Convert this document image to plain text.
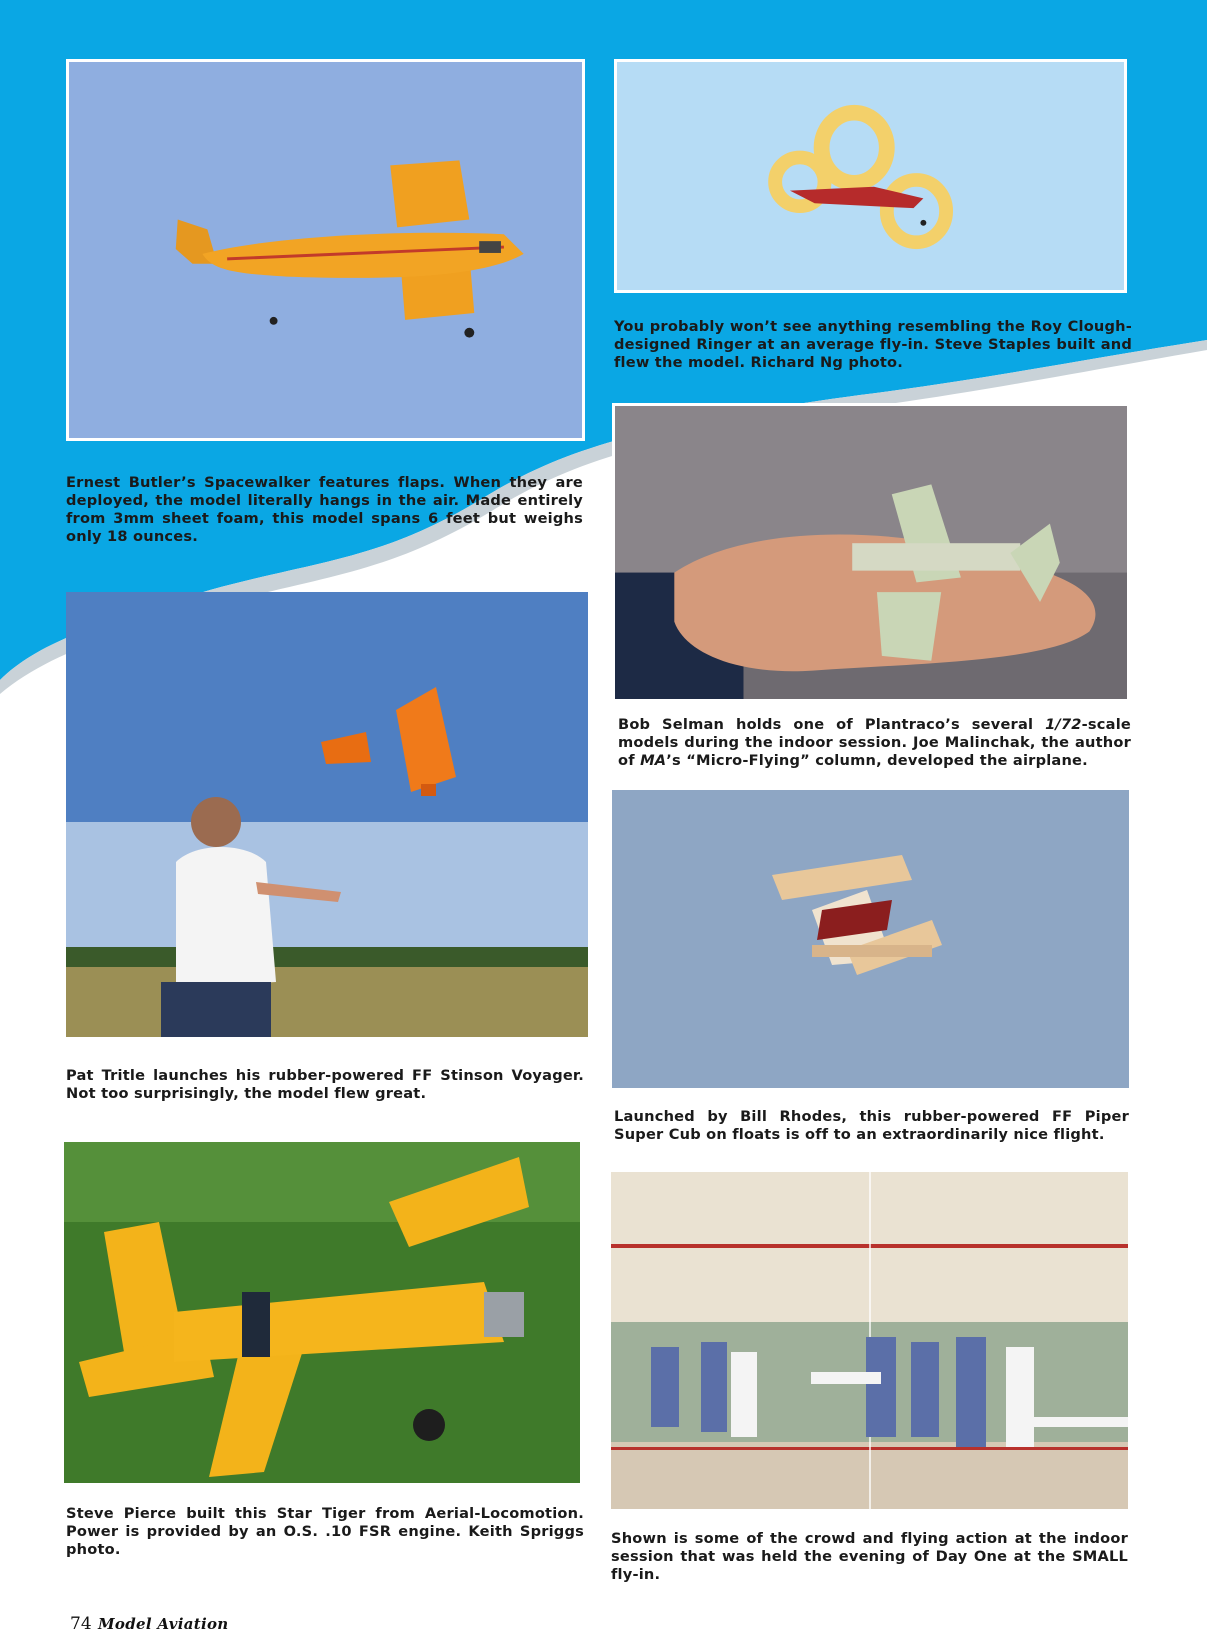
You probably won’t see anything resembling the Roy Clough-designed Ringer at an average fly-in. Steve Staples built and flew the model. Richard Ng photo.

Ernest Butler’s Spacewalker features flaps. When they are deployed, the model literally hangs in the air. Made entirely from 3mm sheet foam, this model spans 6 feet but weighs only 18 ounces.

Bob Selman holds one of Plantraco’s several 1/72-scale models during the indoor session. Joe Malinchak, the author of MA’s “Micro-Flying” column, developed the airplane.

Pat Tritle launches his rubber-powered FF Stinson Voyager. Not too surprisingly, the model flew great.

Launched by Bill Rhodes, this rubber-powered FF Piper Super Cub on floats is off to an extraordinarily nice flight.

Steve Pierce built this Star Tiger from Aerial-Locomotion. Power is provided by an O.S. .10 FSR engine. Keith Spriggs photo.

Shown is some of the crowd and flying action at the indoor session that was held the evening of Day One at the SMALL fly-in.

74 Model Aviation
